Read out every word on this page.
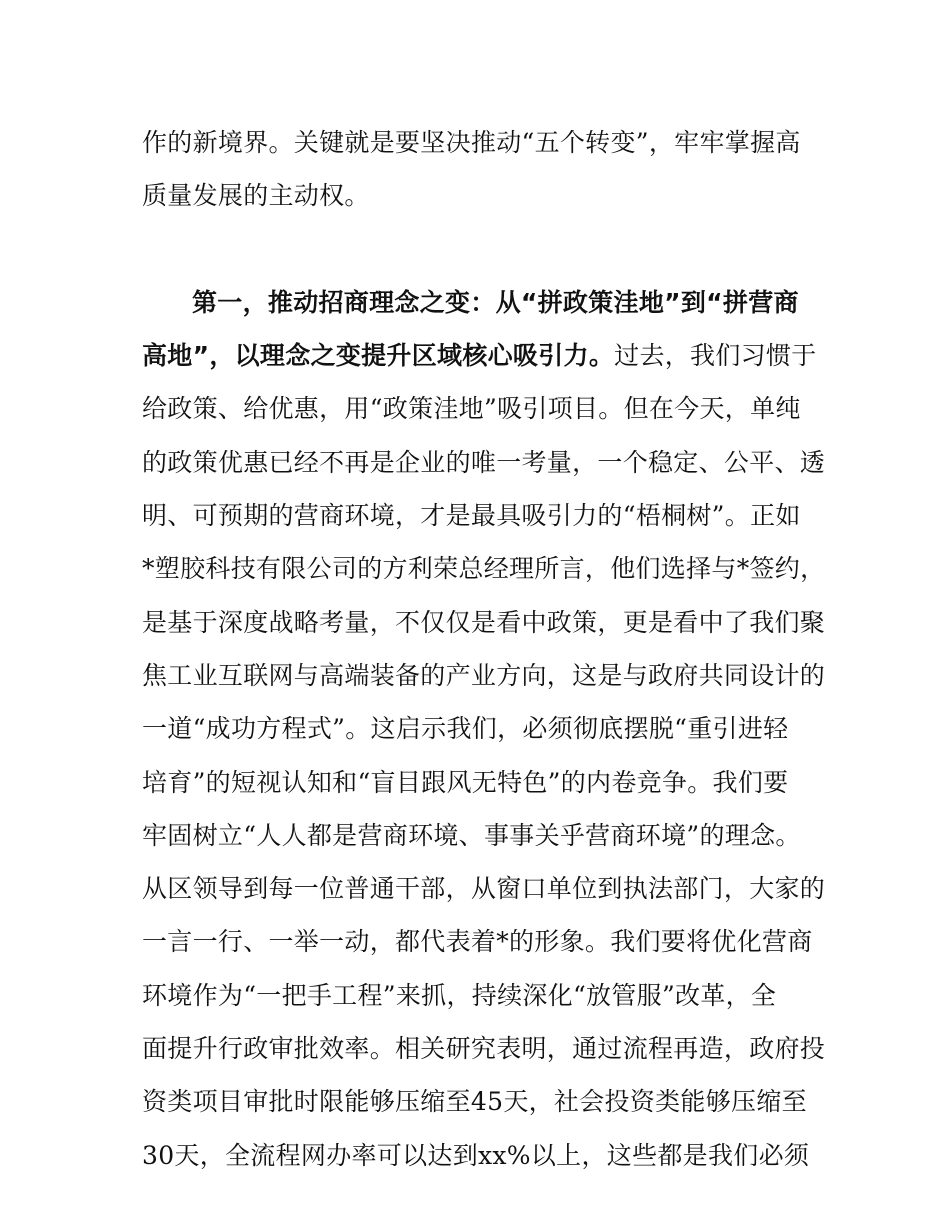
作的新境界。关键就是要坚决推动“五个转变”，牢牢掌握高
质量发展的主动权。
第一，推动招商理念之变：从“拼政策洼地”到“拼营商
高地”，以理念之变提升区域核心吸引力。过去，我们习惯于
给政策、给优惠，用“政策洼地”吸引项目。但在今天，单纯
的政策优惠已经不再是企业的唯一考量，一个稳定、公平、透
明、可预期的营商环境，才是最具吸引力的“梧桐树”。正如
*塑胶科技有限公司的方利荣总经理所言，他们选择与*签约，
是基于深度战略考量，不仅仅是看中政策，更是看中了我们聚
焦工业互联网与高端装备的产业方向，这是与政府共同设计的
一道“成功方程式”。这启示我们，必须彻底摆脱“重引进轻
培育”的短视认知和“盲目跟风无特色”的内卷竞争。我们要
牢固树立“人人都是营商环境、事事关乎营商环境”的理念。
从区领导到每一位普通干部，从窗口单位到执法部门，大家的
一言一行、一举一动，都代表着*的形象。我们要将优化营商
环境作为“一把手工程”来抓，持续深化“放管服”改革，全
面提升行政审批效率。相关研究表明，通过流程再造，政府投
资类项目审批时限能够压缩至45天，社会投资类能够压缩至
30天，全流程网办率可以达到xx%以上，这些都是我们必须
